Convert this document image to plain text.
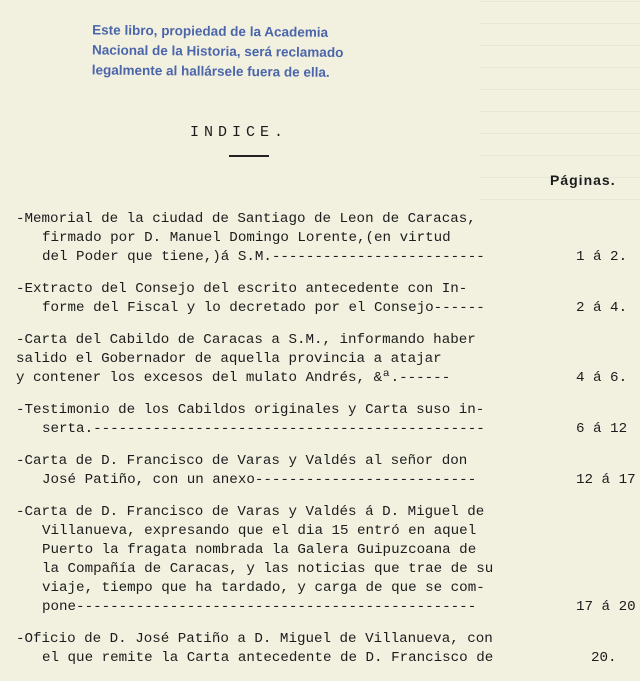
Este libro, propiedad de la Academia
Nacional de la Historia, será reclamado
legalmente al hallársele fuera de ella.
INDICE.
Páginas.
-Memorial de la ciudad de Santiago de Leon de Caracas,
firmado por D. Manuel Domingo Lorente,(en virtud
del Poder que tiene,)á S.M.-------------------------	1 á 2.
-Extracto del Consejo del escrito antecedente con In-
forme del Fiscal y lo decretado por el Consejo------	2 á 4.
-Carta del Cabildo de Caracas a S.M., informando haber
salido el Gobernador de aquella provincia a atajar
y contener los excesos del mulato Andrés, &ª.------	4 á 6.
-Testimonio de los Cabildos originales y Carta suso in-
serta.----------------------------------------------	6 á 12
-Carta de D. Francisco de Varas y Valdés al señor don
José Patiño, con un anexo--------------------------	12 á 17
-Carta de D. Francisco de Varas y Valdés á D. Miguel de
Villanueva, expresando que el dia 15 entró en aquel
Puerto la fragata nombrada la Galera Guipuzcoana de
la Compañía de Caracas, y las noticias que trae de su
viaje, tiempo que ha tardado, y carga de que se com-
pone-----------------------------------------------	17 á 20
-Oficio de D. José Patiño a D. Miguel de Villanueva, con
el que remite la Carta antecedente de D. Francisco de	20.
